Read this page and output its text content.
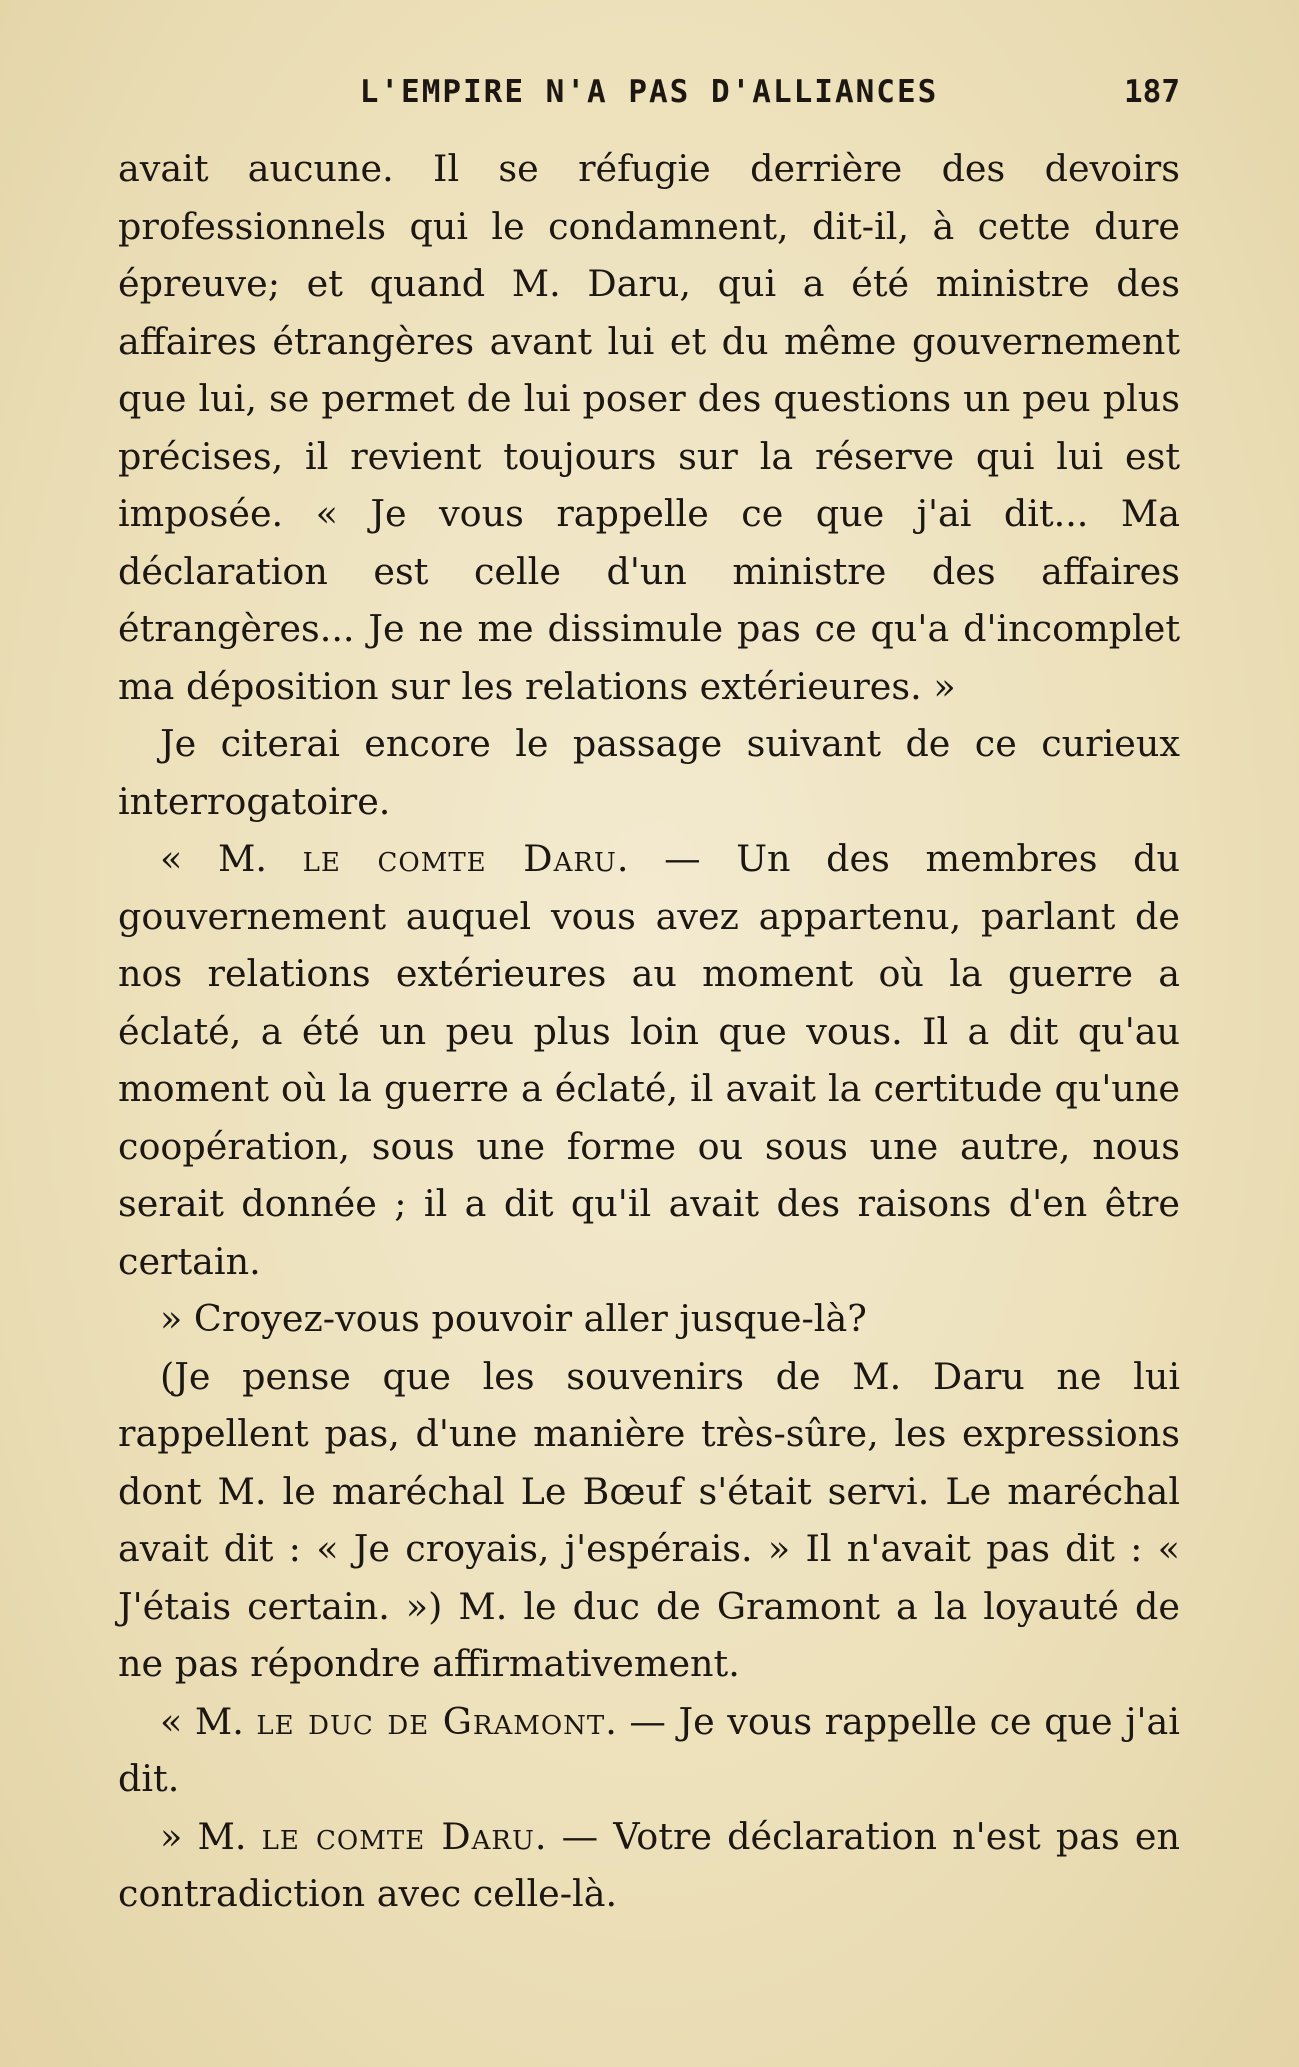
L'EMPIRE N'A PAS D'ALLIANCES	187

avait aucune. Il se réfugie derrière des devoirs professionnels qui le condamnent, dit-il, à cette dure épreuve; et quand M. Daru, qui a été ministre des affaires étrangères avant lui et du même gouvernement que lui, se permet de lui poser des questions un peu plus précises, il revient toujours sur la réserve qui lui est imposée. « Je vous rappelle ce que j'ai dit... Ma déclaration est celle d'un ministre des affaires étrangères... Je ne me dissimule pas ce qu'a d'incomplet ma déposition sur les relations extérieures. »

Je citerai encore le passage suivant de ce curieux interrogatoire.

« M. le comte Daru. — Un des membres du gouvernement auquel vous avez appartenu, parlant de nos relations extérieures au moment où la guerre a éclaté, a été un peu plus loin que vous. Il a dit qu'au moment où la guerre a éclaté, il avait la certitude qu'une coopération, sous une forme ou sous une autre, nous serait donnée ; il a dit qu'il avait des raisons d'en être certain.

» Croyez-vous pouvoir aller jusque-là?

(Je pense que les souvenirs de M. Daru ne lui rappellent pas, d'une manière très-sûre, les expressions dont M. le maréchal Le Bœuf s'était servi. Le maréchal avait dit : « Je croyais, j'espérais. » Il n'avait pas dit : « J'étais certain. ») M. le duc de Gramont a la loyauté de ne pas répondre affirmativement.

« M. le duc de Gramont. — Je vous rappelle ce que j'ai dit.

» M. le comte Daru. — Votre déclaration n'est pas en contradiction avec celle-là.
